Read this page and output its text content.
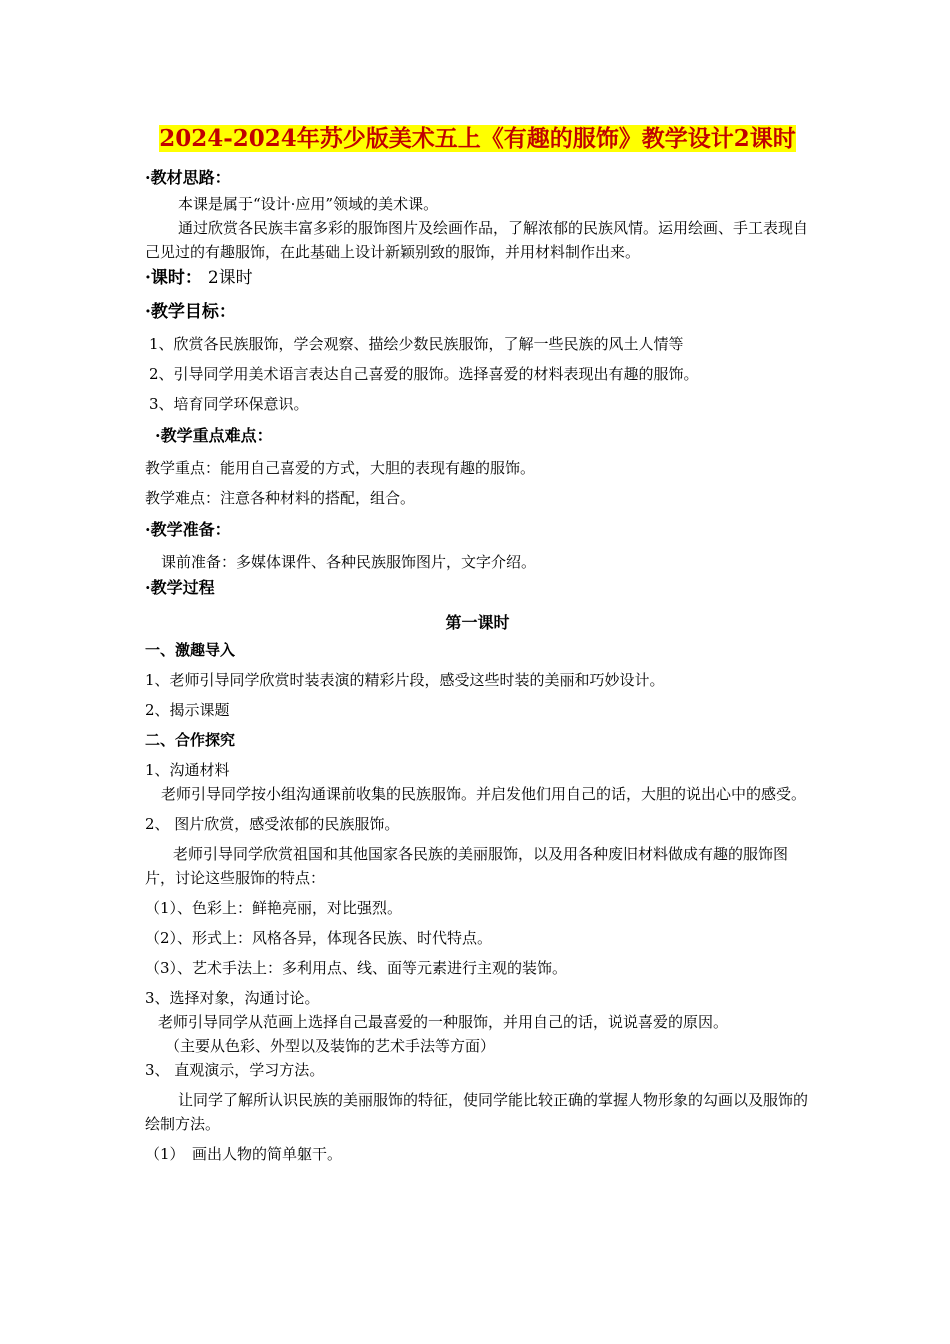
2024-2024年苏少版美术五上《有趣的服饰》教学设计2课时

·教材思路：

本课是属于“设计·应用”领域的美术课。

通过欣赏各民族丰富多彩的服饰图片及绘画作品，了解浓郁的民族风情。运用绘画、手工表现自己见过的有趣服饰，在此基础上设计新颖别致的服饰，并用材料制作出来。

·课时： 2课时

·教学目标：

1、欣赏各民族服饰，学会观察、描绘少数民族服饰，了解一些民族的风土人情等

2、引导同学用美术语言表达自己喜爱的服饰。选择喜爱的材料表现出有趣的服饰。

3、培育同学环保意识。

·教学重点难点：

教学重点：能用自己喜爱的方式，大胆的表现有趣的服饰。

教学难点：注意各种材料的搭配，组合。

·教学准备：

课前准备：多媒体课件、各种民族服饰图片，文字介绍。

·教学过程

第一课时

一、激趣导入

1、老师引导同学欣赏时装表演的精彩片段，感受这些时装的美丽和巧妙设计。

2、揭示课题

二、合作探究

1、沟通材料

老师引导同学按小组沟通课前收集的民族服饰。并启发他们用自己的话，大胆的说出心中的感受。

2、 图片欣赏，感受浓郁的民族服饰。

老师引导同学欣赏祖国和其他国家各民族的美丽服饰，以及用各种废旧材料做成有趣的服饰图片，讨论这些服饰的特点：

（1）、色彩上：鲜艳亮丽，对比强烈。

（2）、形式上：风格各异，体现各民族、时代特点。

（3）、艺术手法上：多利用点、线、面等元素进行主观的装饰。

3、选择对象，沟通讨论。

老师引导同学从范画上选择自己最喜爱的一种服饰，并用自己的话，说说喜爱的原因。

（主要从色彩、外型以及装饰的艺术手法等方面）

3、 直观演示，学习方法。

让同学了解所认识民族的美丽服饰的特征，使同学能比较正确的掌握人物形象的勾画以及服饰的绘制方法。

（1）　画出人物的简单躯干。
